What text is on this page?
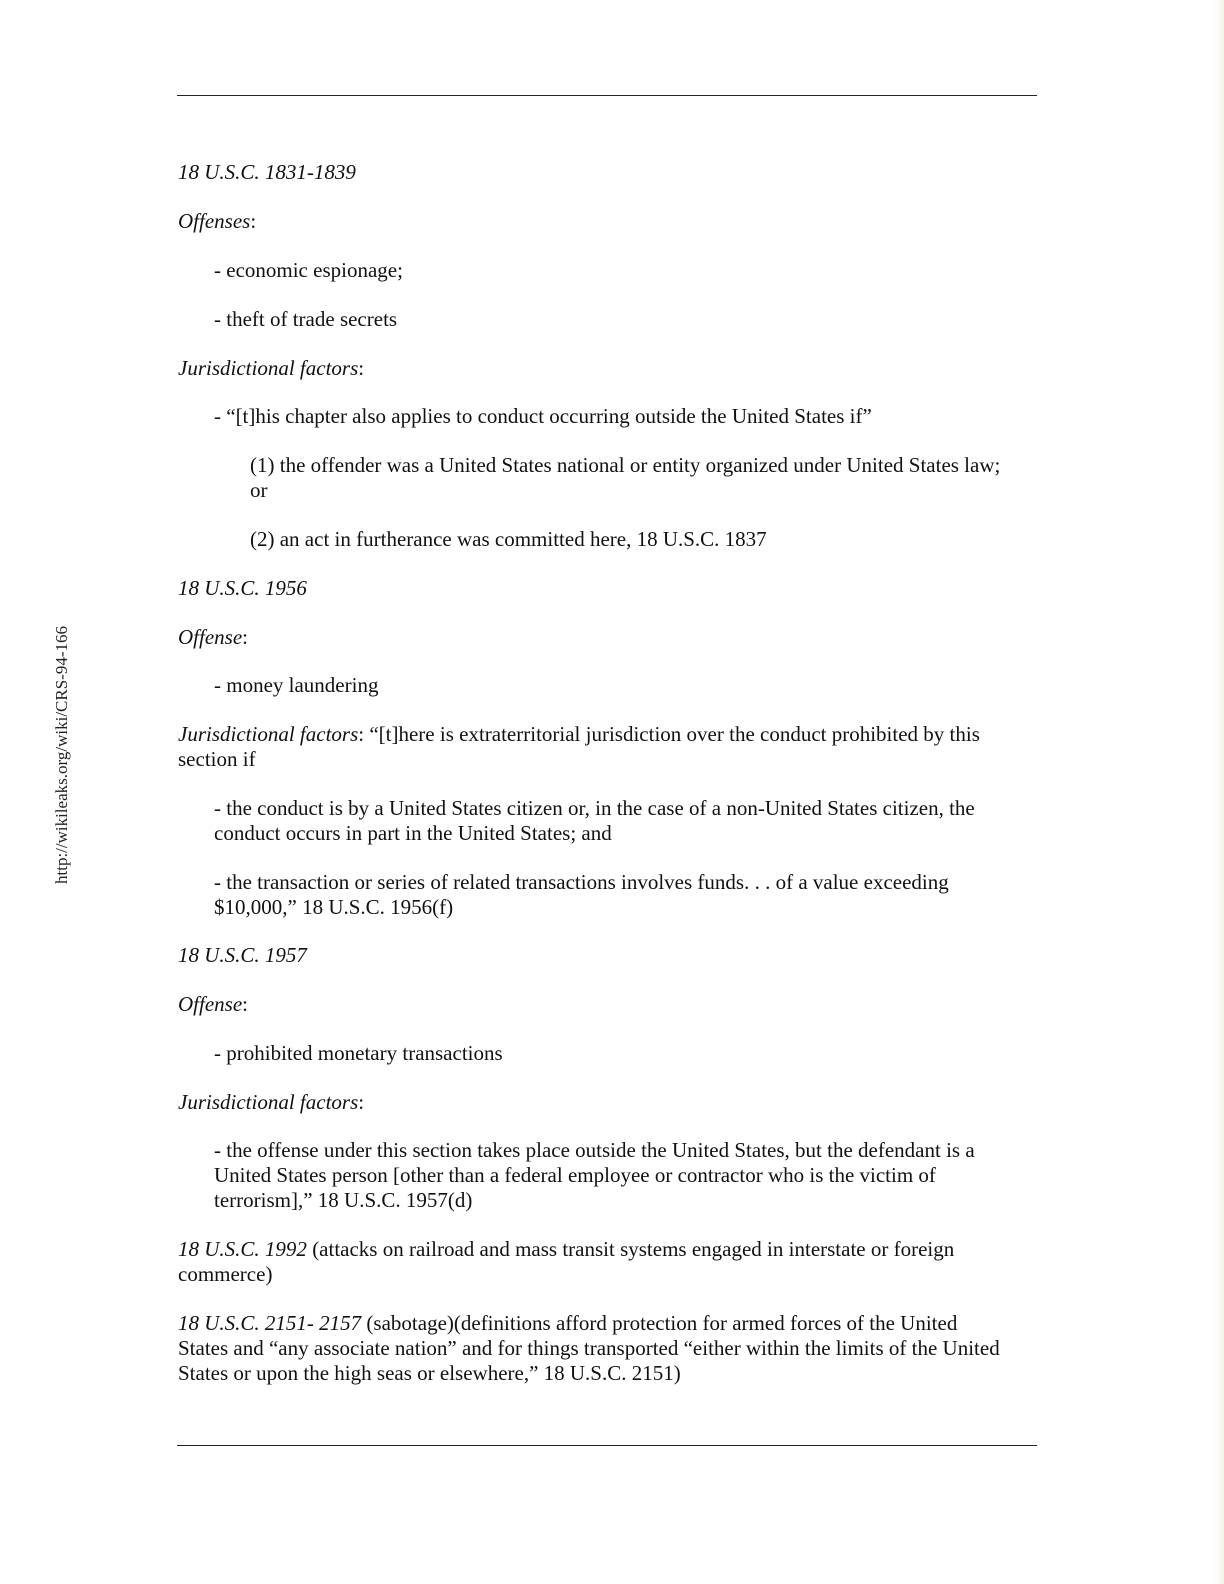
http://wikileaks.org/wiki/CRS-94-166
18 U.S.C. 1831-1839
Offenses:
- economic espionage;
- theft of trade secrets
Jurisdictional factors:
- “[t]his chapter also applies to conduct occurring outside the United States if”
(1) the offender was a United States national or entity organized under United States law;
or
(2) an act in furtherance was committed here, 18 U.S.C. 1837
18 U.S.C. 1956
Offense:
- money laundering
Jurisdictional factors: “[t]here is extraterritorial jurisdiction over the conduct prohibited by this
section if
- the conduct is by a United States citizen or, in the case of a non-United States citizen, the
conduct occurs in part in the United States; and
- the transaction or series of related transactions involves funds. . . of a value exceeding
$10,000,” 18 U.S.C. 1956(f)
18 U.S.C. 1957
Offense:
- prohibited monetary transactions
Jurisdictional factors:
- the offense under this section takes place outside the United States, but the defendant is a
United States person [other than a federal employee or contractor who is the victim of
terrorism],” 18 U.S.C. 1957(d)
18 U.S.C. 1992 (attacks on railroad and mass transit systems engaged in interstate or foreign
commerce)
18 U.S.C. 2151- 2157 (sabotage)(definitions afford protection for armed forces of the United
States and “any associate nation” and for things transported “either within the limits of the United
States or upon the high seas or elsewhere,” 18 U.S.C. 2151)
